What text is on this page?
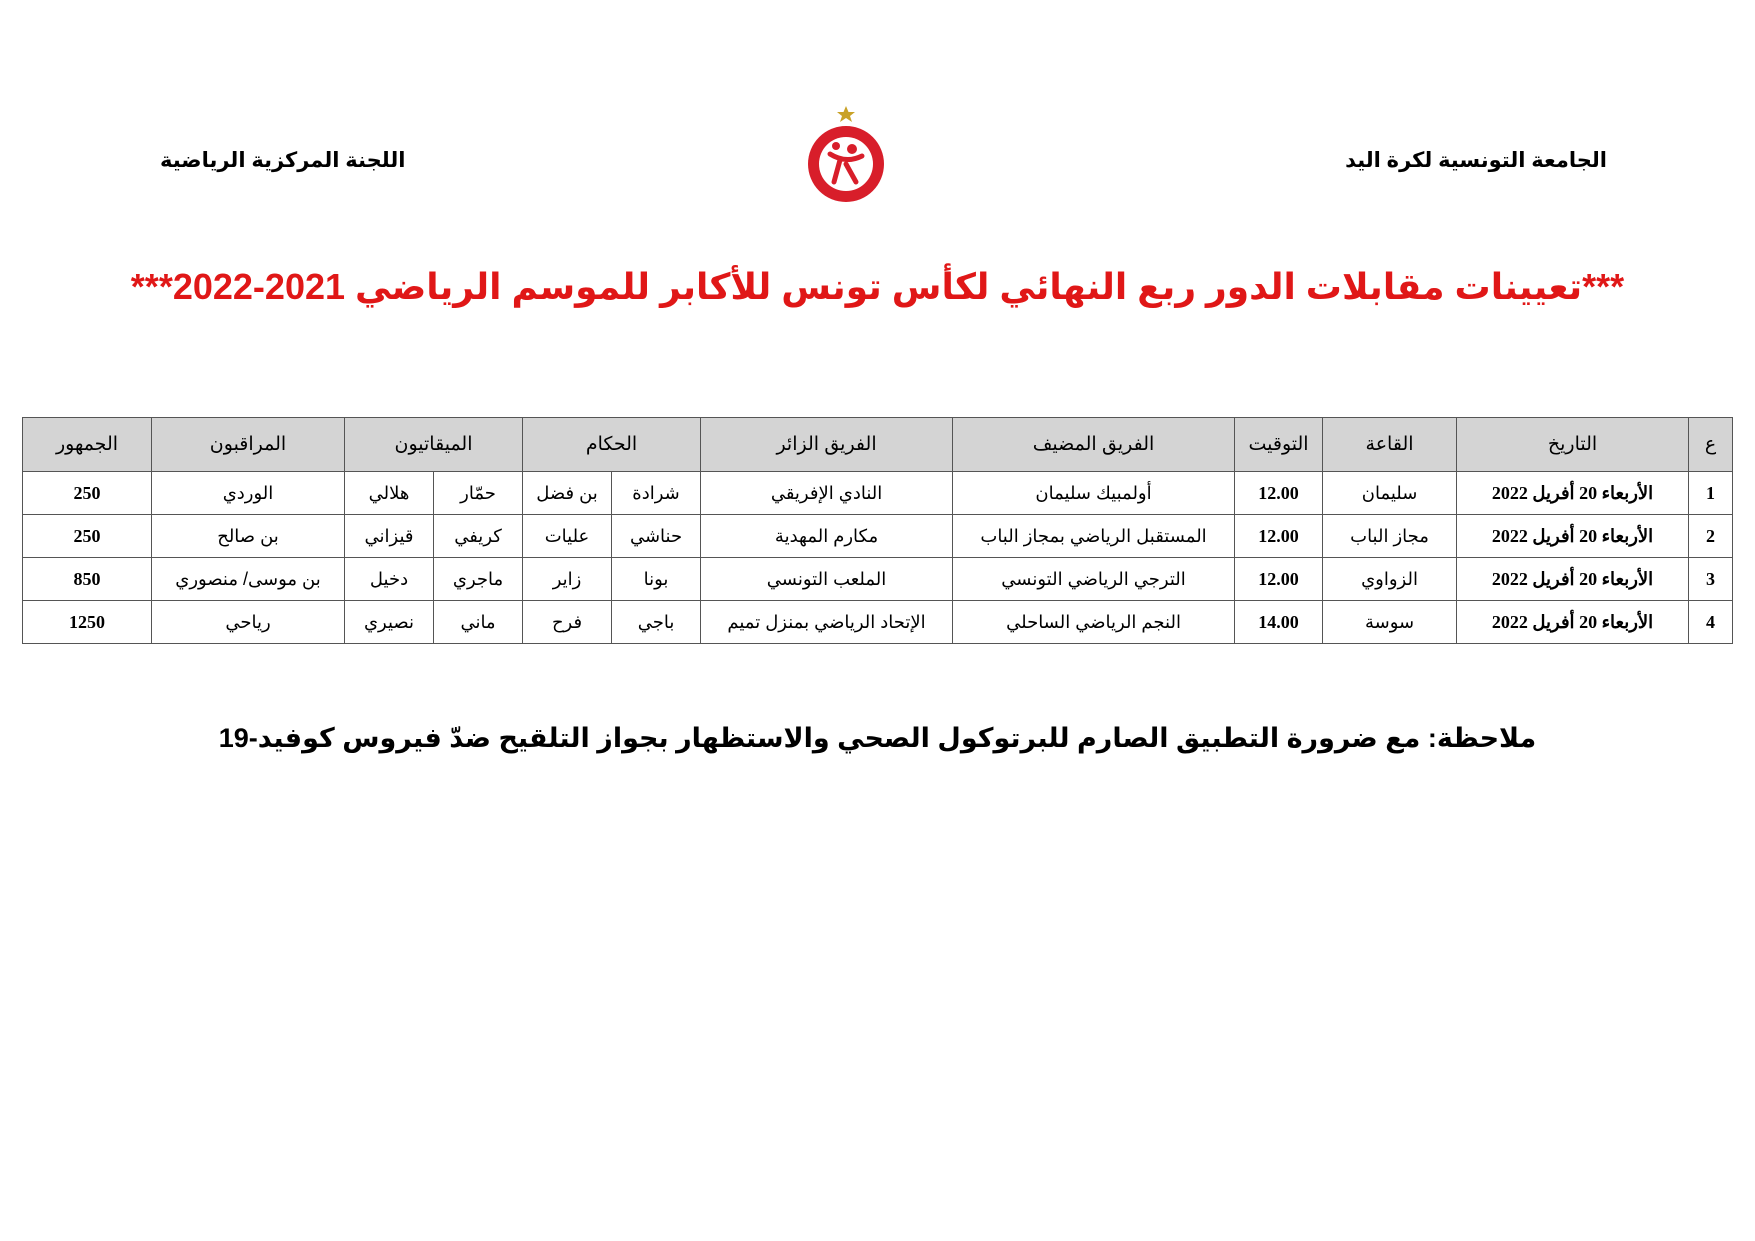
الجامعة التونسية لكرة اليد
اللجنة المركزية الرياضية
***تعيينات مقابلات الدور ربع النهائي لكأس تونس للأكابر للموسم الرياضي 2021-2022***
ع	التاريخ	القاعة	التوقيت	الفريق المضيف	الفريق الزائر	الحكام		الميقاتيون		المراقبون	الجمهور
1	الأربعاء 20 أفريل 2022	سليمان	12.00	أولمبيك سليمان	النادي الإفريقي	شرادة	بن فضل	حمّار	هلالي	الوردي	250
2	الأربعاء 20 أفريل 2022	مجاز الباب	12.00	المستقبل الرياضي بمجاز الباب	مكارم المهدية	حناشي	عليات	كريفي	قيزاني	بن صالح	250
3	الأربعاء 20 أفريل 2022	الزواوي	12.00	الترجي الرياضي التونسي	الملعب التونسي	بونا	زاير	ماجري	دخيل	بن موسى/ منصوري	850
4	الأربعاء 20 أفريل 2022	سوسة	14.00	النجم الرياضي الساحلي	الإتحاد الرياضي بمنزل تميم	باجي	فرح	ماني	نصيري	رياحي	1250
ملاحظة: مع ضرورة التطبيق الصارم للبرتوكول الصحي والاستظهار بجواز التلقيح ضدّ فيروس كوفيد-19
